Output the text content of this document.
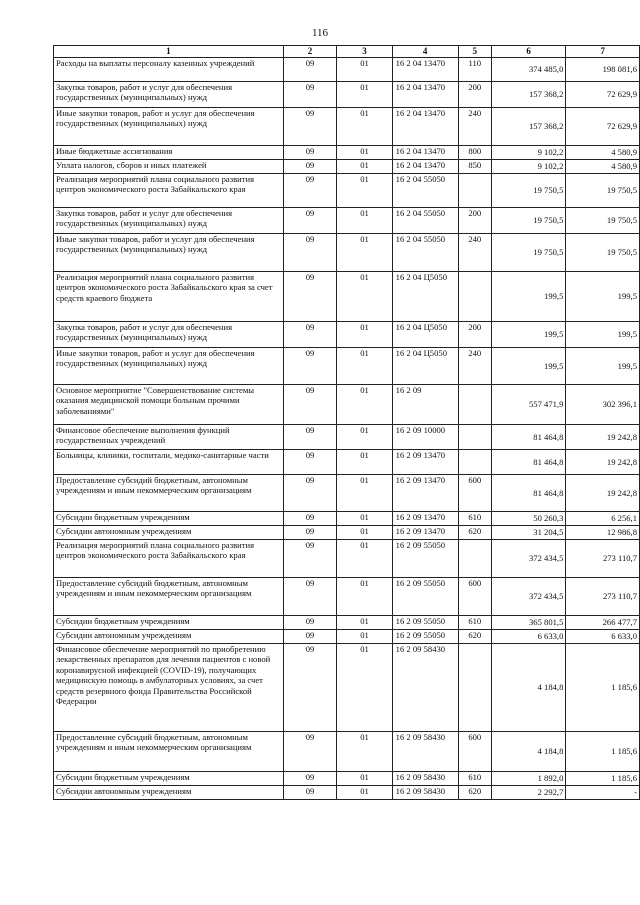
116
1	2	3	4	5	6	7
Расходы на выплаты персоналу казенных учреждений	09	01	16 2 04 13470	110	374 485,0	198 081,6
Закупка товаров, работ и услуг для обеспечения государственных (муниципальных) нужд	09	01	16 2 04 13470	200	157 368,2	72 629,9
Иные закупки товаров, работ и услуг для обеспечения государственных (муниципальных) нужд	09	01	16 2 04 13470	240	157 368,2	72 629,9
Иные бюджетные ассигнования	09	01	16 2 04 13470	800	9 102,2	4 580,9
Уплата налогов, сборов и иных платежей	09	01	16 2 04 13470	850	9 102,2	4 580,9
Реализация мероприятий плана социального развития центров экономического роста Забайкальского края	09	01	16 2 04 55050		19 750,5	19 750,5
Закупка товаров, работ и услуг для обеспечения государственных (муниципальных) нужд	09	01	16 2 04 55050	200	19 750,5	19 750,5
Иные закупки товаров, работ и услуг для обеспечения государственных (муниципальных) нужд	09	01	16 2 04 55050	240	19 750,5	19 750,5
Реализация мероприятий плана социального развития центров экономического роста Забайкальского края за счет средств краевого бюджета	09	01	16 2 04 Ц5050		199,5	199,5
Закупка товаров, работ и услуг для обеспечения государственных (муниципальных) нужд	09	01	16 2 04 Ц5050	200	199,5	199,5
Иные закупки товаров, работ и услуг для обеспечения государственных (муниципальных) нужд	09	01	16 2 04 Ц5050	240	199,5	199,5
Основное мероприятие "Совершенствование системы оказания медицинской помощи больным прочими заболеваниями"	09	01	16 2 09		557 471,9	302 396,1
Финансовое обеспечение выполнения функций государственных учреждений	09	01	16 2 09 10000		81 464,8	19 242,8
Больницы, клиники, госпитали, медико-санитарные части	09	01	16 2 09 13470		81 464,8	19 242,8
Предоставление субсидий бюджетным, автономным учреждениям и иным некоммерческим организациям	09	01	16 2 09 13470	600	81 464,8	19 242,8
Субсидии бюджетным учреждениям	09	01	16 2 09 13470	610	50 260,3	6 256,1
Субсидии автономным учреждениям	09	01	16 2 09 13470	620	31 204,5	12 986,8
Реализация мероприятий плана социального развития центров экономического роста Забайкальского края	09	01	16 2 09 55050		372 434,5	273 110,7
Предоставление субсидий бюджетным, автономным учреждениям и иным некоммерческим организациям	09	01	16 2 09 55050	600	372 434,5	273 110,7
Субсидии бюджетным учреждениям	09	01	16 2 09 55050	610	365 801,5	266 477,7
Субсидии автономным учреждениям	09	01	16 2 09 55050	620	6 633,0	6 633,0
Финансовое обеспечение мероприятий по приобретению лекарственных препаратов для лечения пациентов с новой коронавирусной инфекцией (COVID-19), получающих медицинскую помощь в амбулаторных условиях, за счет средств резервного фонда Правительства Российской Федерации	09	01	16 2 09 58430		4 184,8	1 185,6
Предоставление субсидий бюджетным, автономным учреждениям и иным некоммерческим организациям	09	01	16 2 09 58430	600	4 184,8	1 185,6
Субсидии бюджетным учреждениям	09	01	16 2 09 58430	610	1 892,0	1 185,6
Субсидии автономным учреждениям	09	01	16 2 09 58430	620	2 292,7	-
